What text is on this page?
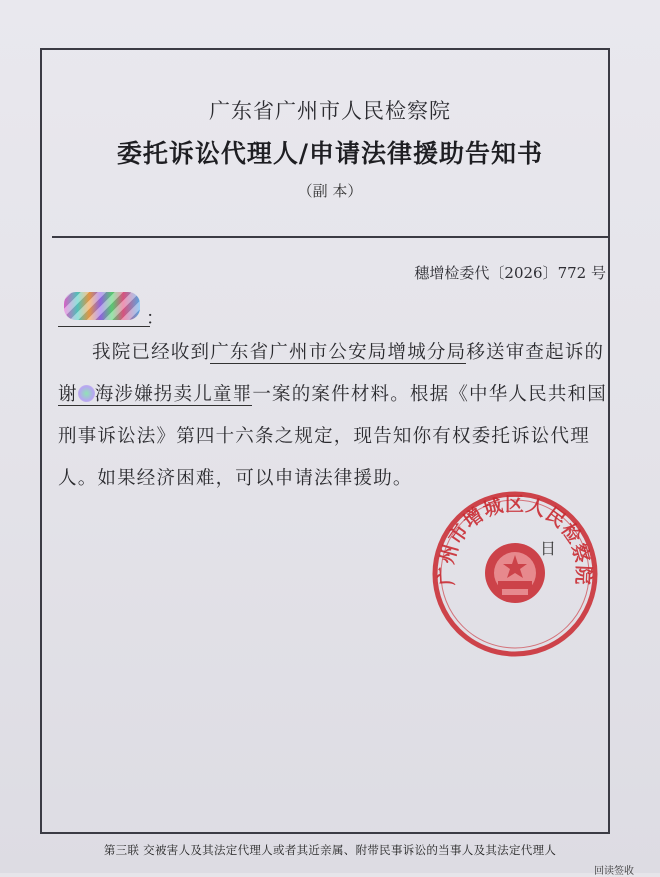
广东省广州市人民检察院
委托诉讼代理人/申请法律援助告知书
（副 本）
穗增检委代〔2026〕772 号
：
我院已经收到广东省广州市公安局增城分局移送审查起诉的谢 海涉嫌拐卖儿童罪一案的案件材料。根据《中华人民共和国刑事诉讼法》第四十六条之规定，现告知你有权委托诉讼代理人。如果经济困难，可以申请法律援助。
日
广州市增城区人民检察院
第三联 交被害人及其法定代理人或者其近亲属、附带民事诉讼的当事人及其法定代理人
回读签收
